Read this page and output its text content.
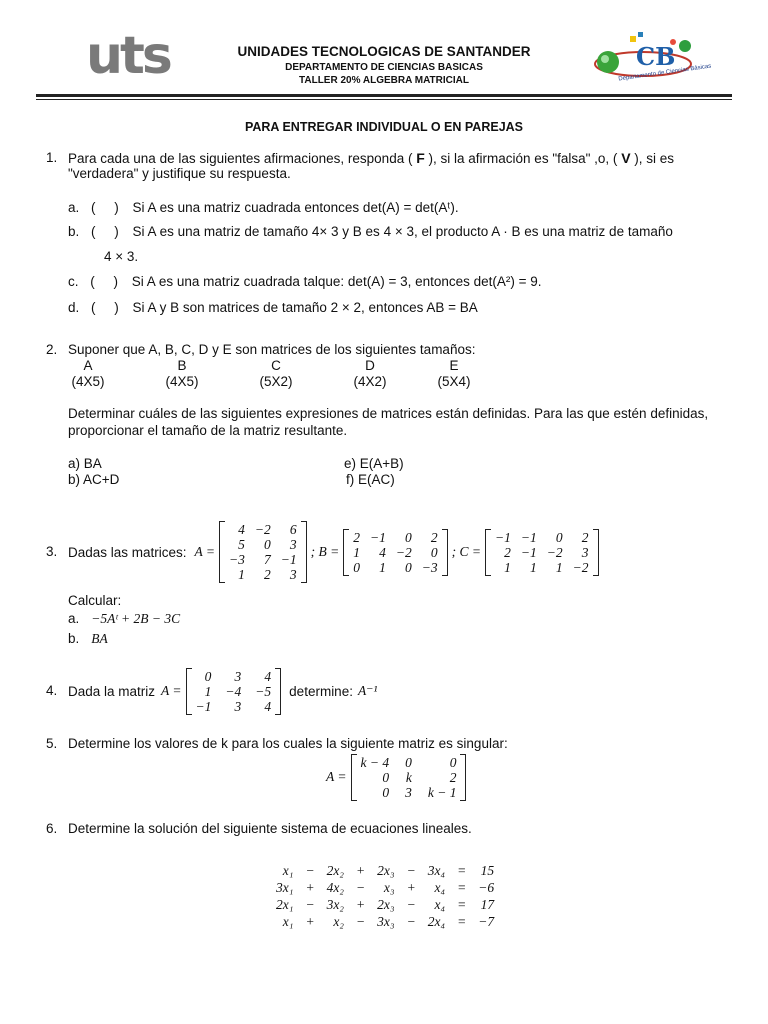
uts	UNIDADES TECNOLOGICAS DE SANTANDER
DEPARTAMENTO DE CIENCIAS BASICAS
TALLER 20% ALGEBRA MATRICIAL
CB
Departamento de Ciencias Básicas
PARA ENTREGAR INDIVIDUAL O EN PAREJAS
1. Para cada una de las siguientes afirmaciones, responda ( F ), si la afirmación es "falsa" ,o, ( V ), si es
"verdadera" y justifique su respuesta.
a. (     ) Si A es una matriz cuadrada entonces det(A) = det(Aᵗ).
b. (     ) Si A es una matriz de tamaño 4× 3 y B es 4 × 3, el producto A · B es una matriz de tamaño
4 × 3.
c. (     ) Si A es una matriz cuadrada talque: det(A) = 3, entonces det(A²) = 9.
d. (     ) Si A y B son matrices de tamaño 2 × 2, entonces AB = BA
2. Suponer que A, B, C, D y E son matrices de los siguientes tamaños:
A	B	C	D	E
(4X5)	(4X5)	(5X2)	(4X2)	(5X4)
Determinar cuáles de las siguientes expresiones de matrices están definidas. Para las que estén definidas,
proporcionar el tamaño de la matriz resultante.
a) BA
b) AC+D
e) E(A+B)
f) E(AC)
3. Dadas las matrices: A =
4 −2	6
5	0	3
−3	7 −1
1	2	3
; B =
2 −1	0	2
1	4 −2	0
0	1	0 −3
; C =
−1 −1	0	2
2 −1 −2	3
1	1	1 −2
Calcular:
a. −5Aᵗ + 2B − 3C
b. BA
4. Dada la matriz A =
0	3	4
1 −4 −5
−1	3	4
determine: A⁻¹
5. Determine los valores de k para los cuales la siguiente matriz es singular:
A =
k − 4 0	0
0 k	2
0 3 k − 1
6. Determine la solución del siguiente sistema de ecuaciones lineales.
x₁	−	2x₂	+	2x₃	−	3x₄	=	15
3x₁	+	4x₂	−	x₃	+	x₄	=	−6
2x₁	−	3x₂	+	2x₃	−	x₄	=	17
x₁	+	x₂	−	3x₃	−	2x₄	=	−7
